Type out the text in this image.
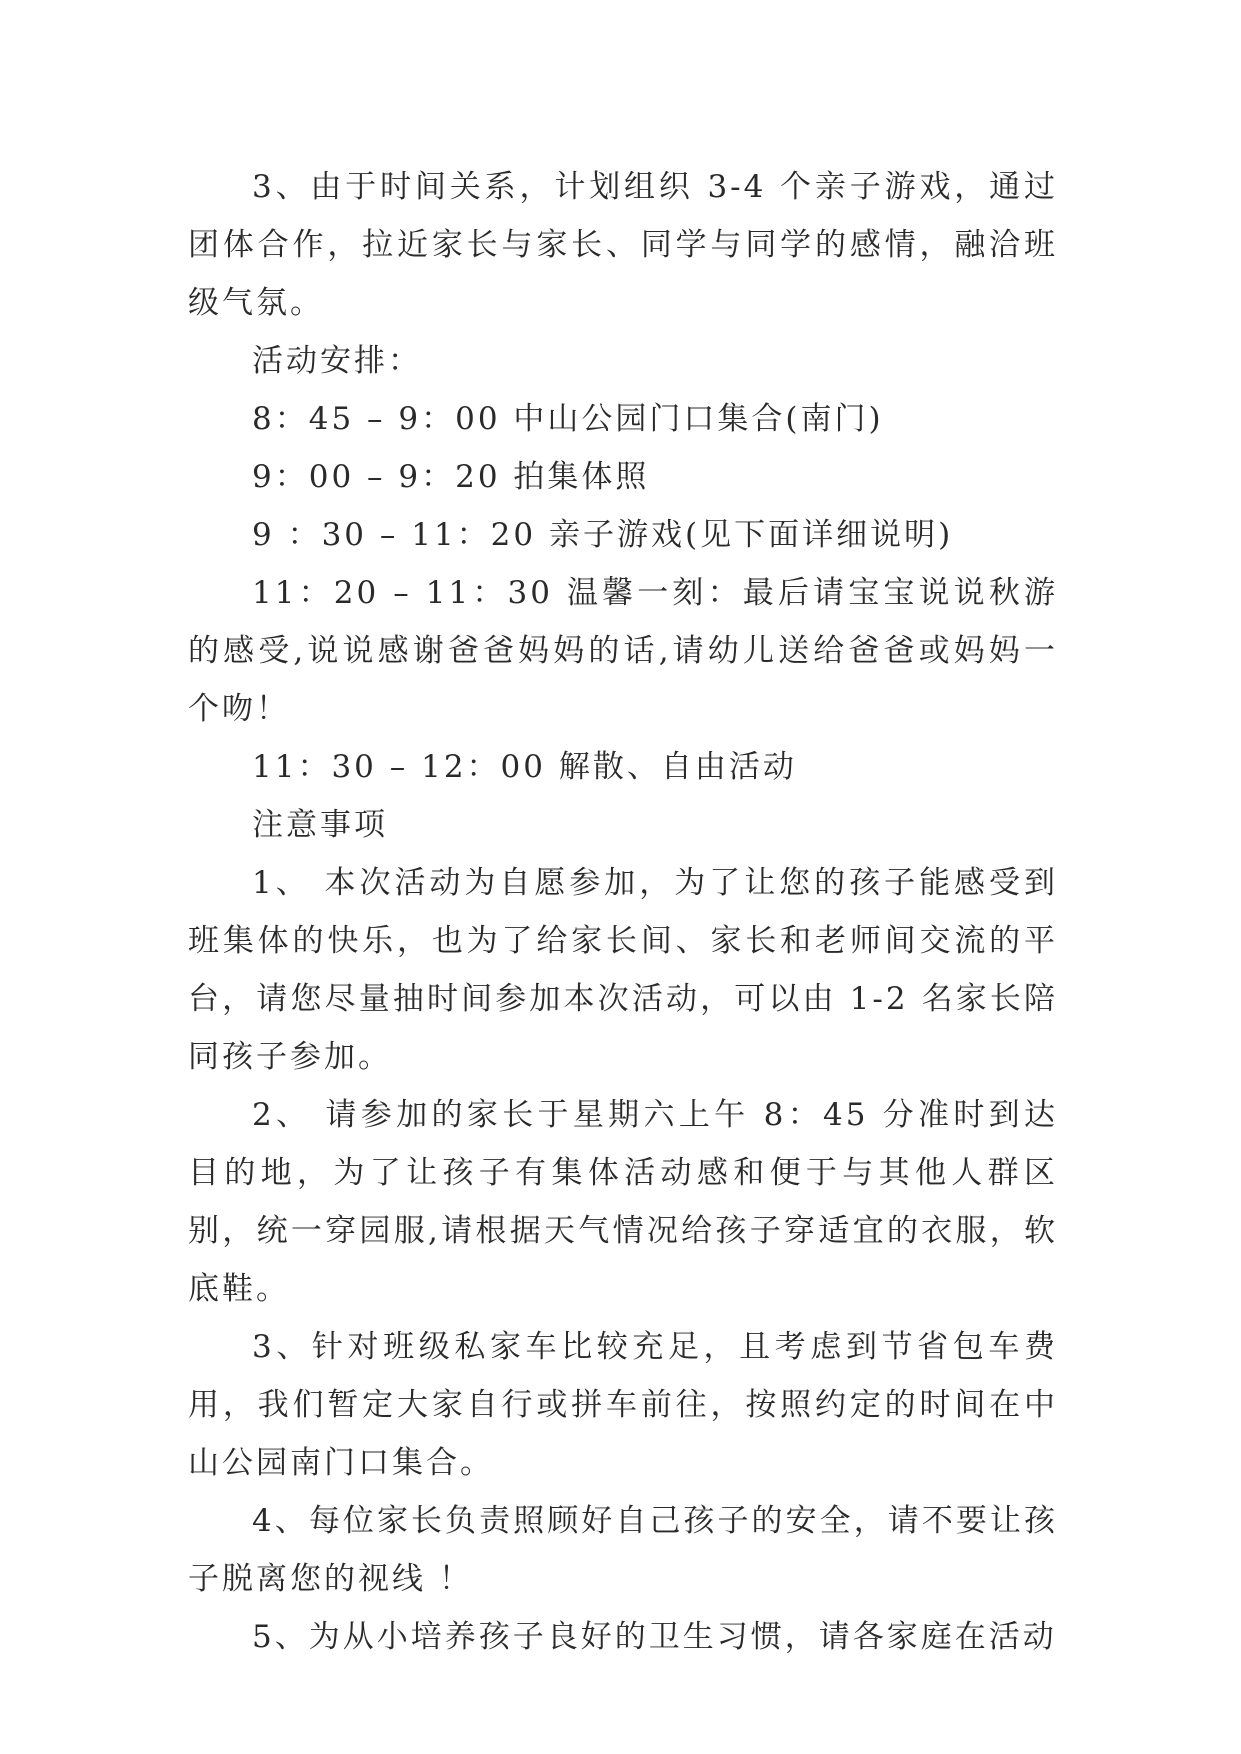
3、由于时间关系，计划组织 3-4 个亲子游戏，通过团体合作，拉近家长与家长、同学与同学的感情，融洽班级气氛。

活动安排：

8：45 – 9：00 中山公园门口集合(南门)

9：00 – 9：20 拍集体照

9 ：30 – 11：20 亲子游戏(见下面详细说明)

11：20 – 11：30 温馨一刻：最后请宝宝说说秋游的感受,说说感谢爸爸妈妈的话,请幼儿送给爸爸或妈妈一个吻！

11：30 – 12：00 解散、自由活动

注意事项

1、 本次活动为自愿参加，为了让您的孩子能感受到班集体的快乐，也为了给家长间、家长和老师间交流的平台，请您尽量抽时间参加本次活动，可以由 1-2 名家长陪同孩子参加。

2、 请参加的家长于星期六上午 8：45 分准时到达目的地，为了让孩子有集体活动感和便于与其他人群区别，统一穿园服,请根据天气情况给孩子穿适宜的衣服，软底鞋。

3、针对班级私家车比较充足，且考虑到节省包车费用，我们暂定大家自行或拼车前往，按照约定的时间在中山公园南门口集合。

4、每位家长负责照顾好自己孩子的安全，请不要让孩子脱离您的视线 ！

5、为从小培养孩子良好的卫生习惯，请各家庭在活动
